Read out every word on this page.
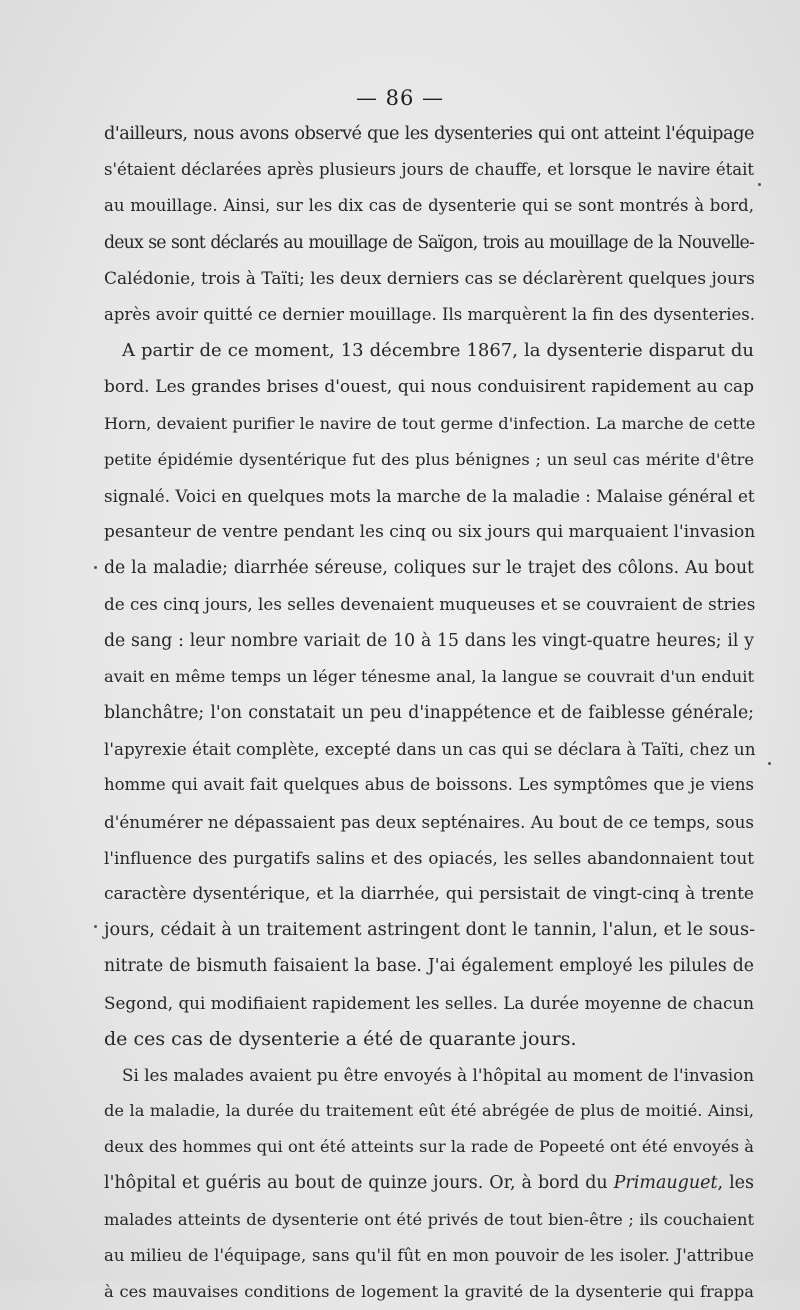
— 86 —
d'ailleurs, nous avons observé que les dysenteries qui ont atteint l'équipage
s'étaient déclarées après plusieurs jours de chauffe, et lorsque le navire était
au mouillage. Ainsi, sur les dix cas de dysenterie qui se sont montrés à bord,
deux se sont déclarés au mouillage de Saïgon, trois au mouillage de la Nouvelle-
Calédonie, trois à Taïti; les deux derniers cas se déclarèrent quelques jours
après avoir quitté ce dernier mouillage. Ils marquèrent la fin des dysenteries.
A partir de ce moment, 13 décembre 1867, la dysenterie disparut du
bord. Les grandes brises d'ouest, qui nous conduisirent rapidement au cap
Horn, devaient purifier le navire de tout germe d'infection. La marche de cette
petite épidémie dysentérique fut des plus bénignes ; un seul cas mérite d'être
signalé. Voici en quelques mots la marche de la maladie : Malaise général et
pesanteur de ventre pendant les cinq ou six jours qui marquaient l'invasion
de la maladie; diarrhée séreuse, coliques sur le trajet des côlons. Au bout
de ces cinq jours, les selles devenaient muqueuses et se couvraient de stries
de sang : leur nombre variait de 10 à 15 dans les vingt-quatre heures; il y
avait en même temps un léger ténesme anal, la langue se couvrait d'un enduit
blanchâtre; l'on constatait un peu d'inappétence et de faiblesse générale;
l'apyrexie était complète, excepté dans un cas qui se déclara à Taïti, chez un
homme qui avait fait quelques abus de boissons. Les symptômes que je viens
d'énumérer ne dépassaient pas deux septénaires. Au bout de ce temps, sous
l'influence des purgatifs salins et des opiacés, les selles abandonnaient tout
caractère dysentérique, et la diarrhée, qui persistait de vingt-cinq à trente
jours, cédait à un traitement astringent dont le tannin, l'alun, et le sous-
nitrate de bismuth faisaient la base. J'ai également employé les pilules de
Segond, qui modifiaient rapidement les selles. La durée moyenne de chacun
de ces cas de dysenterie a été de quarante jours.
Si les malades avaient pu être envoyés à l'hôpital au moment de l'invasion
de la maladie, la durée du traitement eût été abrégée de plus de moitié. Ainsi,
deux des hommes qui ont été atteints sur la rade de Popeeté ont été envoyés à
l'hôpital et guéris au bout de quinze jours. Or, à bord du Primauguet, les
malades atteints de dysenterie ont été privés de tout bien-être ; ils couchaient
au milieu de l'équipage, sans qu'il fût en mon pouvoir de les isoler. J'attribue
à ces mauvaises conditions de logement la gravité de la dysenterie qui frappa
